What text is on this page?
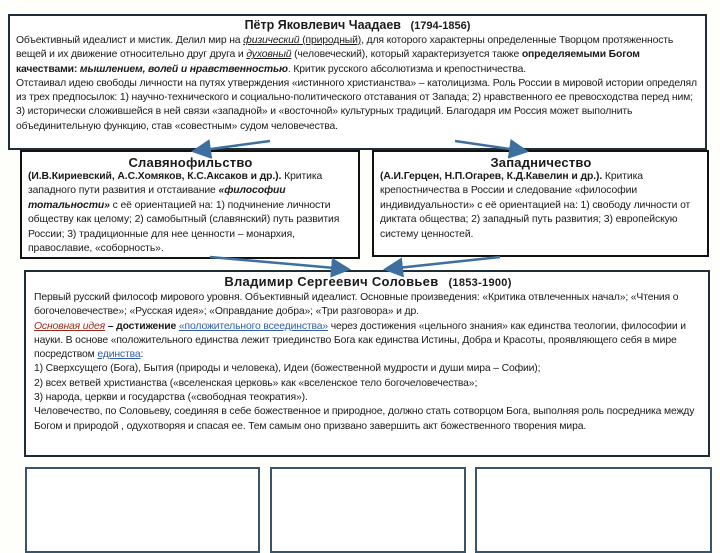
Пётр Яковлевич Чаадаев (1794-1856)
Объективный идеалист и мистик. Делил мир на физический (природный), для которого характерны определенные Творцом протяженность вещей и их движение относительно друг друга и духовный (человеческий), который характеризуется также определяемыми Богом качествами: мышлением, волей и нравственностью. Критик русского абсолютизма и крепостничества.
Отстаивал идею свободы личности на путях утверждения «истинного христианства» – католицизма. Роль России в мировой истории определял из трех предпосылок: 1) научно-технического и социально-политического отставания от Запада; 2) нравственного ее превосходства перед ним; 3) исторически сложившейся в ней связи «западной» и «восточной» культурных традиций. Благодаря им Россия может выполнить объединительную функцию, став «совестным» судом человечества.
Славянофильство
(И.В.Кириевский, А.С.Хомяков, К.С.Аксаков и др.). Критика западного пути развития и отстаивание «философии тотальности» с её ориентацией на: 1) подчинение личности обществу как целому; 2) самобытный (славянский) путь развития России; 3) традиционные для нее ценности – монархия, православие, «соборность».
Западничество
(А.И.Герцен, Н.П.Огарев, К.Д.Кавелин и др.). Критика крепостничества в России и следование «философии индивидуальности» с её ориентацией на: 1) свободу личности от диктата общества; 2) западный путь развития; 3) европейскую систему ценностей.
Владимир Сергеевич Соловьев (1853-1900)
Первый русский философ мирового уровня. Объективный идеалист. Основные произведения: «Критика отвлеченных начал»; «Чтения о богочеловечестве»; «Русская идея»; «Оправдание добра»; «Три разговора» и др.
Основная идея – достижение «положительного всеединства» через достижения «цельного знания» как единства теологии, философии и науки. В основе «положительного единства лежит триединство Бога как единства Истины, Добра и Красоты, проявляющего себя в мире посредством единства:
1) Сверхсущего (Бога), Бытия (природы и человека), Идеи (божественной мудрости и души мира – Софии);
2) всех ветвей христианства («вселенская церковь» как «вселенское тело богочеловечества»;
3) народа, церкви и государства («свободная теократия»).
Человечество, по Соловьеву, соединяя в себе божественное и природное, должно стать сотворцом Бога, выполняя роль посредника между Богом и природой , одухотворяя и спасая ее. Тем самым оно призвано завершить акт божественного творения мира.
